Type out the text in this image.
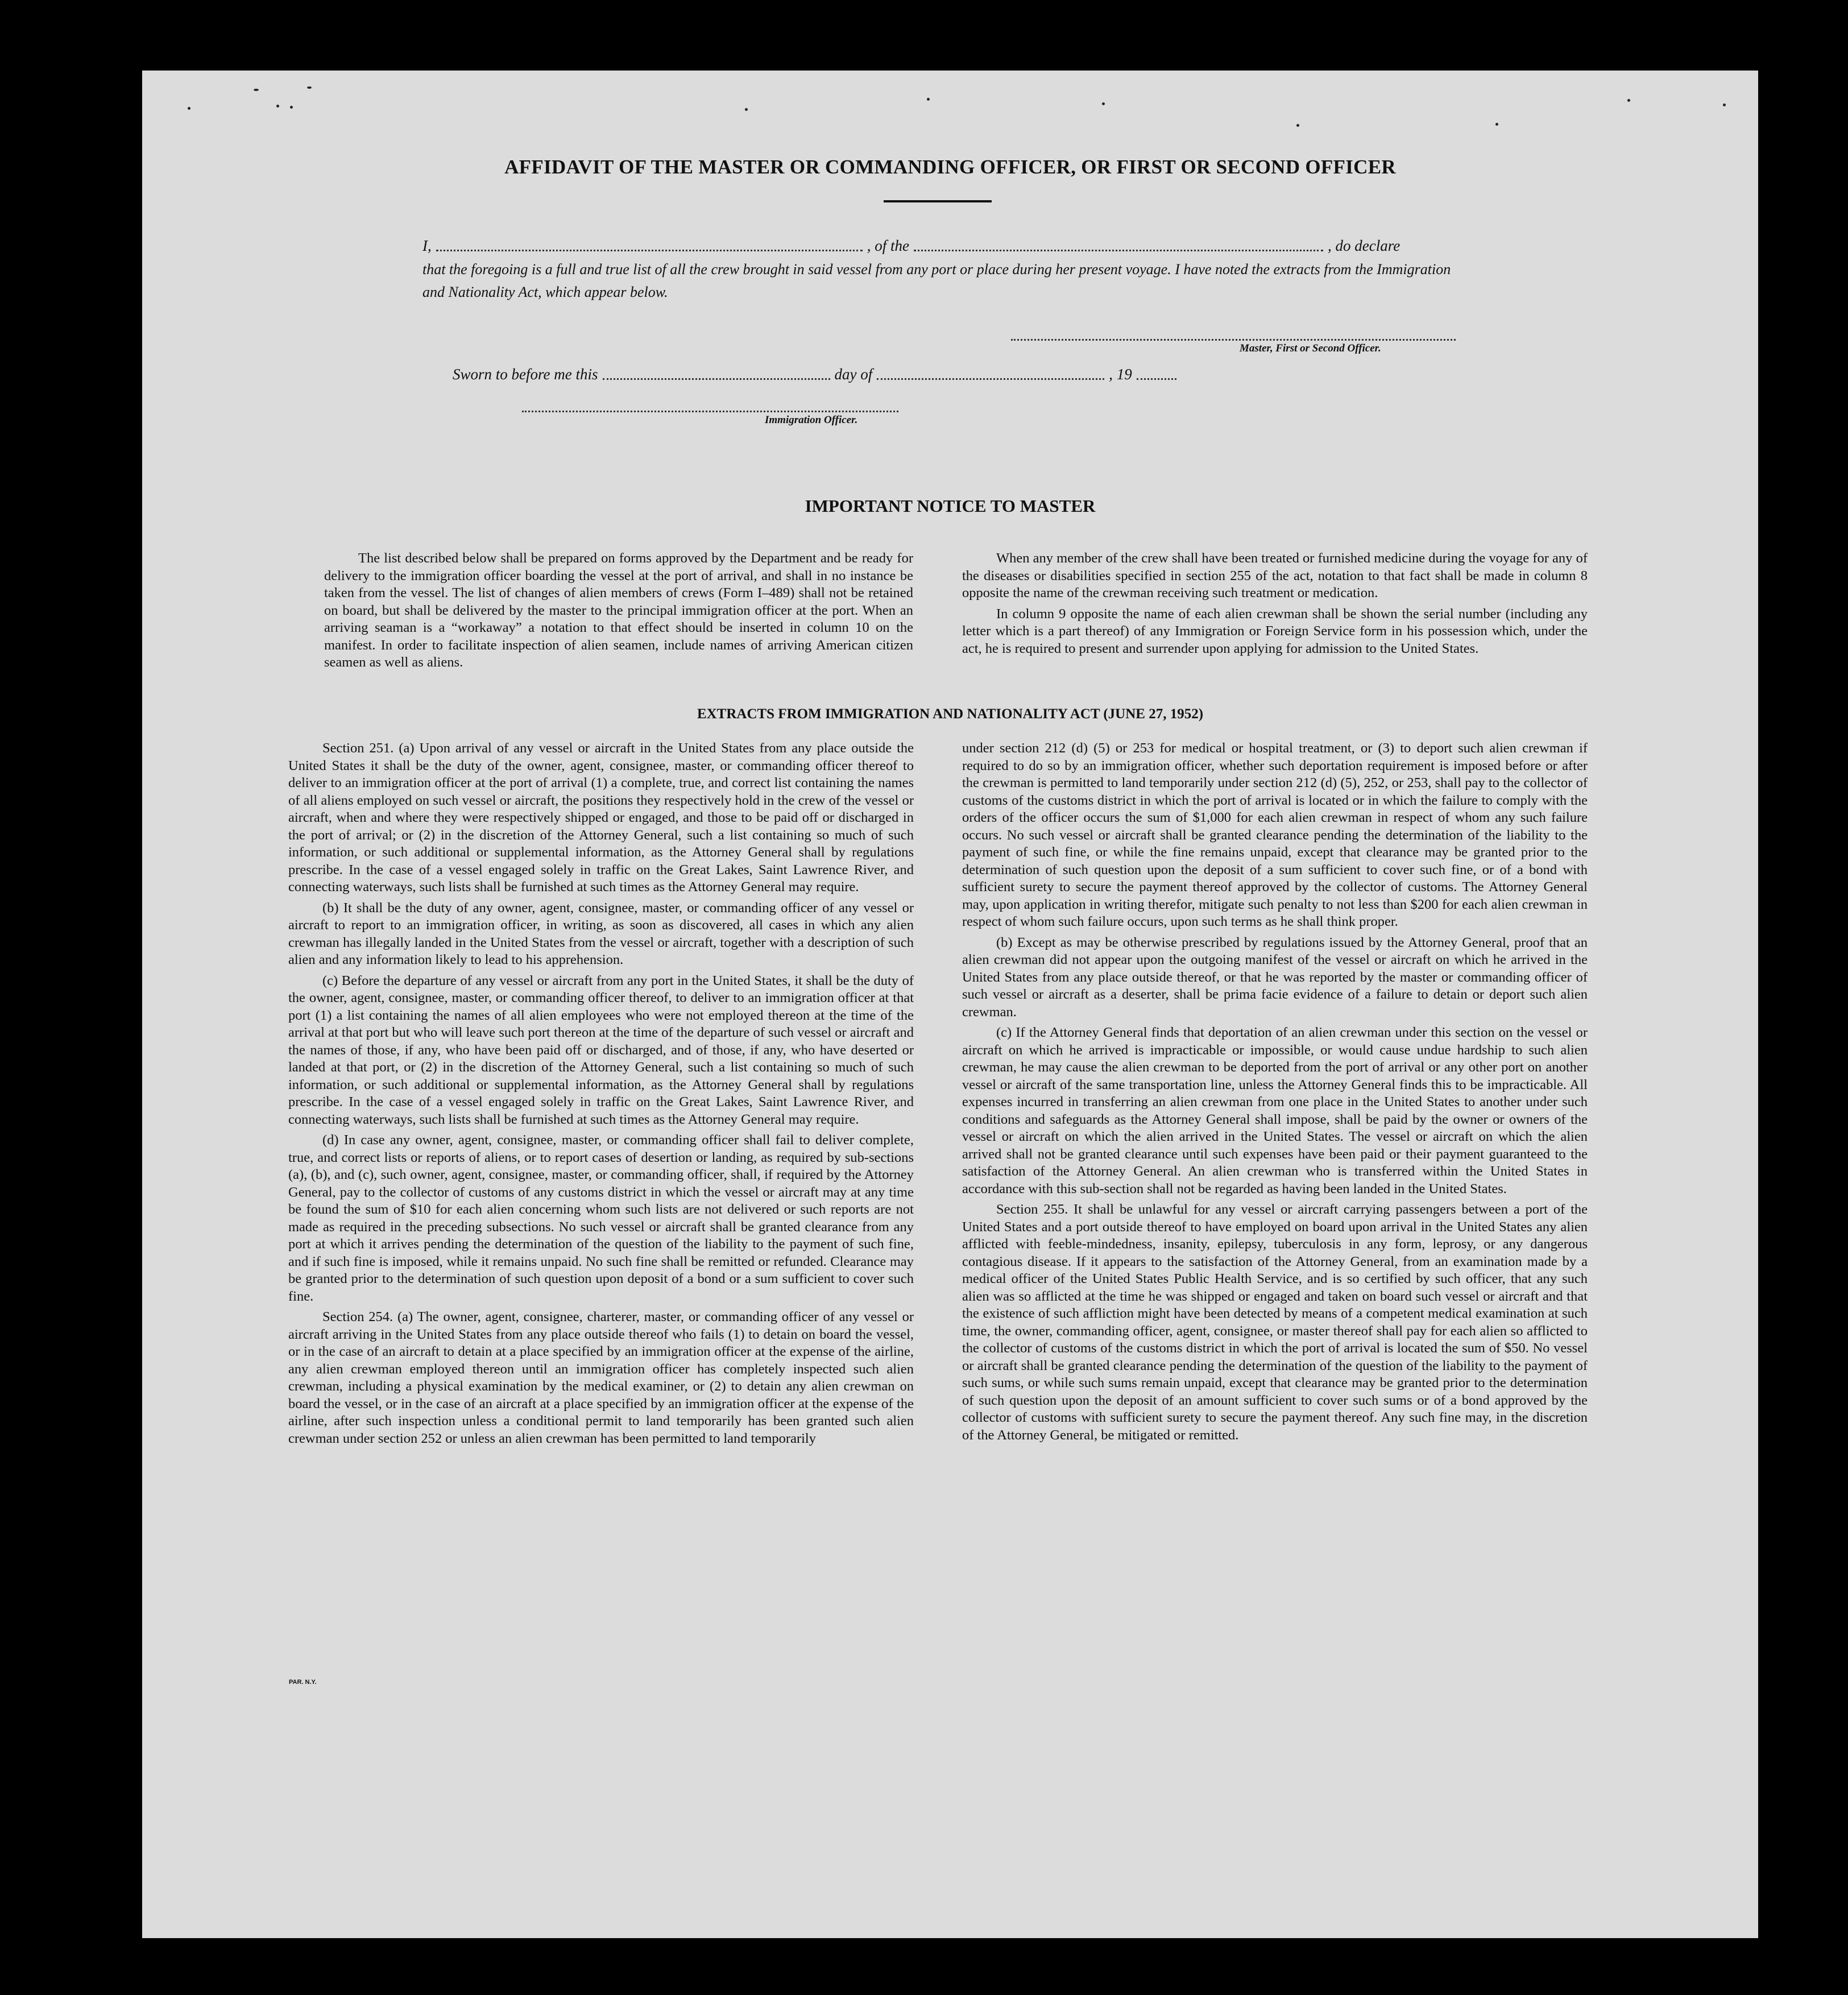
AFFIDAVIT OF THE MASTER OR COMMANDING OFFICER, OR FIRST OR SECOND OFFICER
I,	, of the	, do declare
that the foregoing is a full and true list of all the crew brought in said vessel from any port or place during her present voyage. I have noted the extracts from the Immigration and Nationality Act, which appear below.
Master, First or Second Officer.
Sworn to before me this	day of	, 19
Immigration Officer.
IMPORTANT NOTICE TO MASTER

The list described below shall be prepared on forms approved by the Department and be ready for delivery to the immigration officer boarding the vessel at the port of arrival, and shall in no instance be taken from the vessel. The list of changes of alien members of crews (Form I–489) shall not be retained on board, but shall be delivered by the master to the principal immigration officer at the port. When an arriving seaman is a “workaway” a notation to that effect should be inserted in column 10 on the manifest. In order to facilitate inspection of alien seamen, include names of arriving American citizen seamen as well as aliens.

When any member of the crew shall have been treated or furnished medicine during the voyage for any of the diseases or disabilities specified in section 255 of the act, notation to that fact shall be made in column 8 opposite the name of the crewman receiving such treatment or medication.

In column 9 opposite the name of each alien crewman shall be shown the serial number (including any letter which is a part thereof) of any Immigration or Foreign Service form in his possession which, under the act, he is required to present and surrender upon applying for admission to the United States.

EXTRACTS FROM IMMIGRATION AND NATIONALITY ACT (JUNE 27, 1952)

Section 251. (a) Upon arrival of any vessel or aircraft in the United States from any place outside the United States it shall be the duty of the owner, agent, consignee, master, or commanding officer thereof to deliver to an immigration officer at the port of arrival (1) a complete, true, and correct list containing the names of all aliens employed on such vessel or aircraft, the positions they respectively hold in the crew of the vessel or aircraft, when and where they were respectively shipped or engaged, and those to be paid off or discharged in the port of arrival; or (2) in the discretion of the Attorney General, such a list containing so much of such information, or such additional or supplemental information, as the Attorney General shall by regulations prescribe. In the case of a vessel engaged solely in traffic on the Great Lakes, Saint Lawrence River, and connecting waterways, such lists shall be furnished at such times as the Attorney General may require.

(b) It shall be the duty of any owner, agent, consignee, master, or commanding officer of any vessel or aircraft to report to an immigration officer, in writing, as soon as discovered, all cases in which any alien crewman has illegally landed in the United States from the vessel or aircraft, together with a description of such alien and any information likely to lead to his apprehension.

(c) Before the departure of any vessel or aircraft from any port in the United States, it shall be the duty of the owner, agent, consignee, master, or commanding officer thereof, to deliver to an immigration officer at that port (1) a list containing the names of all alien employees who were not employed thereon at the time of the arrival at that port but who will leave such port thereon at the time of the departure of such vessel or aircraft and the names of those, if any, who have been paid off or discharged, and of those, if any, who have deserted or landed at that port, or (2) in the discretion of the Attorney General, such a list containing so much of such information, or such additional or supplemental information, as the Attorney General shall by regulations prescribe. In the case of a vessel engaged solely in traffic on the Great Lakes, Saint Lawrence River, and connecting waterways, such lists shall be furnished at such times as the Attorney General may require.

(d) In case any owner, agent, consignee, master, or commanding officer shall fail to deliver complete, true, and correct lists or reports of aliens, or to report cases of desertion or landing, as required by sub-sections (a), (b), and (c), such owner, agent, consignee, master, or commanding officer, shall, if required by the Attorney General, pay to the collector of customs of any customs district in which the vessel or aircraft may at any time be found the sum of $10 for each alien concerning whom such lists are not delivered or such reports are not made as required in the preceding subsections. No such vessel or aircraft shall be granted clearance from any port at which it arrives pending the determination of the question of the liability to the payment of such fine, and if such fine is imposed, while it remains unpaid. No such fine shall be remitted or refunded. Clearance may be granted prior to the determination of such question upon deposit of a bond or a sum sufficient to cover such fine.

Section 254. (a) The owner, agent, consignee, charterer, master, or commanding officer of any vessel or aircraft arriving in the United States from any place outside thereof who fails (1) to detain on board the vessel, or in the case of an aircraft to detain at a place specified by an immigration officer at the expense of the airline, any alien crewman employed thereon until an immigration officer has completely inspected such alien crewman, including a physical examination by the medical examiner, or (2) to detain any alien crewman on board the vessel, or in the case of an aircraft at a place specified by an immigration officer at the expense of the airline, after such inspection unless a conditional permit to land temporarily has been granted such alien crewman under section 252 or unless an alien crewman has been permitted to land temporarily

under section 212 (d) (5) or 253 for medical or hospital treatment, or (3) to deport such alien crewman if required to do so by an immigration officer, whether such deportation requirement is imposed before or after the crewman is permitted to land temporarily under section 212 (d) (5), 252, or 253, shall pay to the collector of customs of the customs district in which the port of arrival is located or in which the failure to comply with the orders of the officer occurs the sum of $1,000 for each alien crewman in respect of whom any such failure occurs. No such vessel or aircraft shall be granted clearance pending the determination of the liability to the payment of such fine, or while the fine remains unpaid, except that clearance may be granted prior to the determination of such question upon the deposit of a sum sufficient to cover such fine, or of a bond with sufficient surety to secure the payment thereof approved by the collector of customs. The Attorney General may, upon application in writing therefor, mitigate such penalty to not less than $200 for each alien crewman in respect of whom such failure occurs, upon such terms as he shall think proper.

(b) Except as may be otherwise prescribed by regulations issued by the Attorney General, proof that an alien crewman did not appear upon the outgoing manifest of the vessel or aircraft on which he arrived in the United States from any place outside thereof, or that he was reported by the master or commanding officer of such vessel or aircraft as a deserter, shall be prima facie evidence of a failure to detain or deport such alien crewman.

(c) If the Attorney General finds that deportation of an alien crewman under this section on the vessel or aircraft on which he arrived is impracticable or impossible, or would cause undue hardship to such alien crewman, he may cause the alien crewman to be deported from the port of arrival or any other port on another vessel or aircraft of the same transportation line, unless the Attorney General finds this to be impracticable. All expenses incurred in transferring an alien crewman from one place in the United States to another under such conditions and safeguards as the Attorney General shall impose, shall be paid by the owner or owners of the vessel or aircraft on which the alien arrived in the United States. The vessel or aircraft on which the alien arrived shall not be granted clearance until such expenses have been paid or their payment guaranteed to the satisfaction of the Attorney General. An alien crewman who is transferred within the United States in accordance with this sub-section shall not be regarded as having been landed in the United States.

Section 255. It shall be unlawful for any vessel or aircraft carrying passengers between a port of the United States and a port outside thereof to have employed on board upon arrival in the United States any alien afflicted with feeble-mindedness, insanity, epilepsy, tuberculosis in any form, leprosy, or any dangerous contagious disease. If it appears to the satisfaction of the Attorney General, from an examination made by a medical officer of the United States Public Health Service, and is so certified by such officer, that any such alien was so afflicted at the time he was shipped or engaged and taken on board such vessel or aircraft and that the existence of such affliction might have been detected by means of a competent medical examination at such time, the owner, commanding officer, agent, consignee, or master thereof shall pay for each alien so afflicted to the collector of customs of the customs district in which the port of arrival is located the sum of $50. No vessel or aircraft shall be granted clearance pending the determination of the question of the liability to the payment of such sums, or while such sums remain unpaid, except that clearance may be granted prior to the determination of such question upon the deposit of an amount sufficient to cover such sums or of a bond approved by the collector of customs with sufficient surety to secure the payment thereof. Any such fine may, in the discretion of the Attorney General, be mitigated or remitted.

PAR. N.Y.
